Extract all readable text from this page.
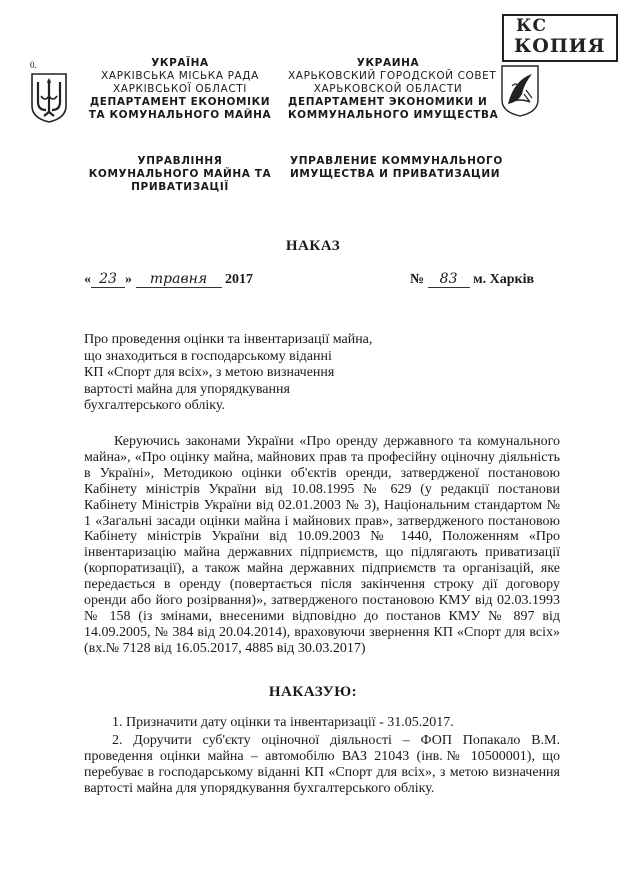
КС
КОПИЯ
0.	УКРАЇНА
ХАРКІВСЬКА МІСЬКА РАДА
ХАРКІВСЬКОЇ ОБЛАСТІ
ДЕПАРТАМЕНТ ЕКОНОМІКИ
ТА КОМУНАЛЬНОГО МАЙНА
УКРАИНА
ХАРЬКОВСКИЙ ГОРОДСКОЙ СОВЕТ
ХАРЬКОВСКОЙ ОБЛАСТИ
ДЕПАРТАМЕНТ ЭКОНОМИКИ И
КОММУНАЛЬНОГО ИМУЩЕСТВА
УПРАВЛІННЯ
КОМУНАЛЬНОГО МАЙНА ТА
ПРИВАТИЗАЦІЇ
УПРАВЛЕНИЕ КОММУНАЛЬНОГО
ИМУЩЕСТВА И ПРИВАТИЗАЦИИ
НАКАЗ
« 23 » травня 2017	№ 83 м. Харків
Про проведення оцінки та інвентаризації майна,
що знаходиться в господарському віданні
КП «Спорт для всіх», з метою визначення
вартості майна для упорядкування
бухгалтерського обліку.

Керуючись законами України «Про оренду державного та комунального майна», «Про оцінку майна, майнових прав та професійну оціночну діяльність в Україні», Методикою оцінки об'єктів оренди, затвердженої постановою Кабінету міністрів України від 10.08.1995 № 629 (у редакції постанови Кабінету Міністрів України від 02.01.2003 № 3), Національним стандартом № 1 «Загальні засади оцінки майна і майнових прав», затвердженого постановою Кабінету міністрів України від 10.09.2003 № 1440, Положенням «Про інвентаризацію майна державних підприємств, що підлягають приватизації (корпоратизації), а також майна державних підприємств та організацій, яке передається в оренду (повертається після закінчення строку дії договору оренди або його розірвання)», затвердженого постановою КМУ від 02.03.1993 № 158 (із змінами, внесеними відповідно до постанов КМУ № 897 від 14.09.2005, № 384 від 20.04.2014), враховуючи звернення КП «Спорт для всіх» (вх.№ 7128 від 16.05.2017, 4885 від 30.03.2017)

НАКАЗУЮ:

1. Призначити дату оцінки та інвентаризації - 31.05.2017.

2. Доручити суб'єкту оціночної діяльності – ФОП Попакало В.М. проведення оцінки майна – автомобілю ВАЗ 21043 (інв.№ 10500001), що перебуває в господарському віданні КП «Спорт для всіх», з метою визначення вартості майна для упорядкування бухгалтерського обліку.
